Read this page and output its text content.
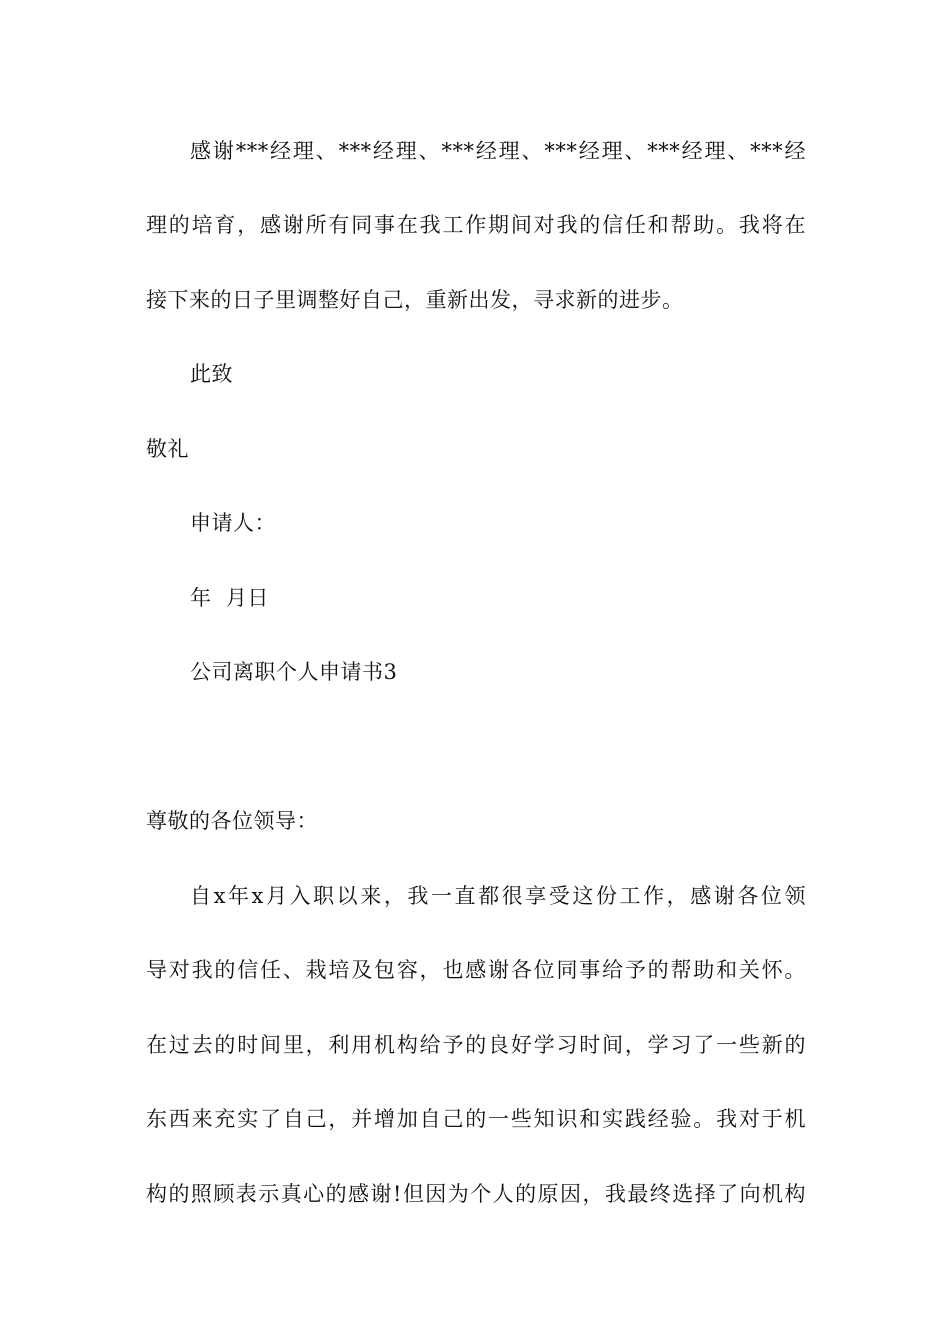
感谢***经理、***经理、***经理、***经理、***经理、***经
理的培育，感谢所有同事在我工作期间对我的信任和帮助。我将在
接下来的日子里调整好自己，重新出发，寻求新的进步。
此致
敬礼
申请人：
年  月日
公司离职个人申请书3
尊敬的各位领导：
自x年x月入职以来，我一直都很享受这份工作，感谢各位领
导对我的信任、栽培及包容，也感谢各位同事给予的帮助和关怀。
在过去的时间里，利用机构给予的良好学习时间，学习了一些新的
东西来充实了自己，并增加自己的一些知识和实践经验。我对于机
构的照顾表示真心的感谢!但因为个人的原因，我最终选择了向机构
